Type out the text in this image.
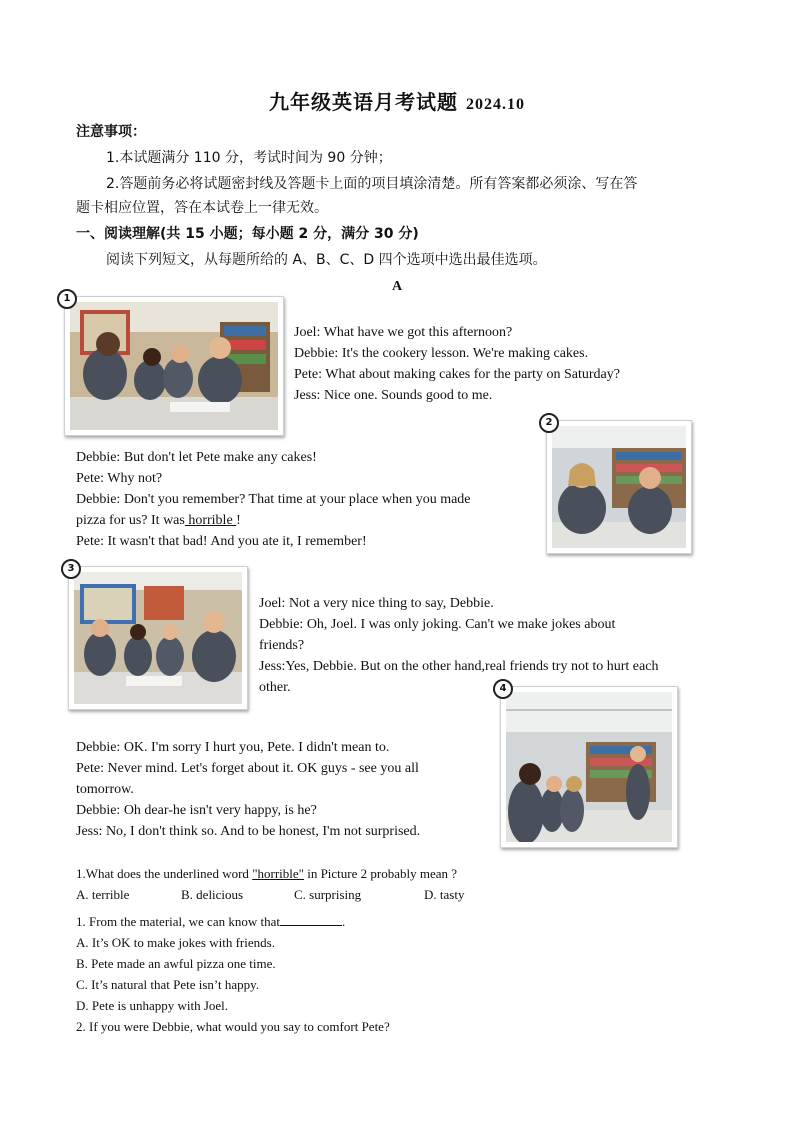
九年级英语月考试题 2024.10
注意事项：
1.本试题满分 110 分，考试时间为 90 分钟；
2.答题前务必将试题密封线及答题卡上面的项目填涂清楚。所有答案都必须涂、写在答
题卡相应位置，答在本试卷上一律无效。
一、阅读理解(共 15 小题；每小题 2 分，满分 30 分)
阅读下列短文，从每题所给的 A、B、C、D 四个选项中选出最佳选项。
A
1
Joel: What have we got this afternoon?
Debbie: It's the cookery lesson. We're making cakes.
Pete: What about making cakes for the party on Saturday?
Jess: Nice one. Sounds good to me.
2
Debbie: But don't let Pete make any cakes!
Pete: Why not?
Debbie: Don't you remember? That time at your place when you made
pizza for us? It was horrible !
Pete: It wasn't that bad! And you ate it, I remember!
3
Joel: Not a very nice thing to say, Debbie.
Debbie: Oh, Joel. I was only joking. Can't we make jokes about
friends?
Jess:Yes, Debbie. But on the other hand,real friends try not to hurt each
other.	4
Debbie: OK. I'm sorry I hurt you, Pete. I didn't mean to.
Pete: Never mind. Let's forget about it. OK guys - see you all
tomorrow.
Debbie: Oh dear-he isn't very happy, is he?
Jess: No, I don't think so. And to be honest, I'm not surprised.
1.What does the underlined word "horrible" in Picture 2 probably mean ?
A. terrible	B. delicious	C. surprising	D. tasty
1. From the material, we can know that	.
A. It’s OK to make jokes with friends.
B. Pete made an awful pizza one time.
C. It’s natural that Pete isn’t happy.
D. Pete is unhappy with Joel.
2. If you were Debbie, what would you say to comfort Pete?
